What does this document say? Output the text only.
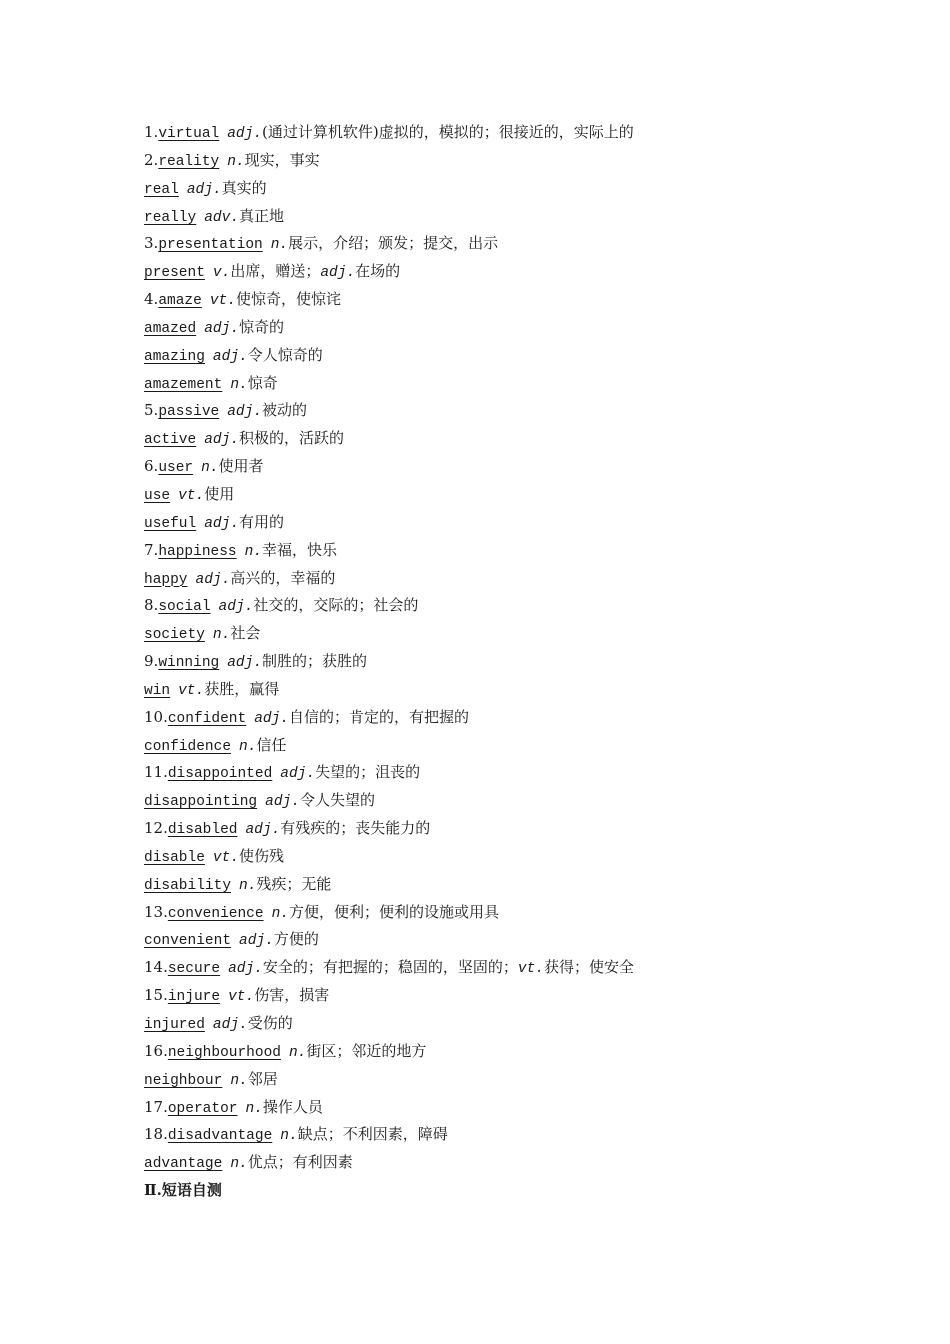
1.virtual adj.(通过计算机软件)虚拟的，模拟的；很接近的，实际上的
2.reality n.现实，事实
real adj.真实的
really adv.真正地
3.presentation n.展示，介绍；颁发；提交，出示
present v.出席，赠送；adj.在场的
4.amaze vt.使惊奇，使惊诧
amazed adj.惊奇的
amazing adj.令人惊奇的
amazement n.惊奇
5.passive adj.被动的
active adj.积极的，活跃的
6.user n.使用者
use vt.使用
useful adj.有用的
7.happiness n.幸福，快乐
happy adj.高兴的，幸福的
8.social adj.社交的，交际的；社会的
society n.社会
9.winning adj.制胜的；获胜的
win vt.获胜，赢得
10.confident adj.自信的；肯定的，有把握的
confidence n.信任
11.disappointed adj.失望的；沮丧的
disappointing adj.令人失望的
12.disabled adj.有残疾的；丧失能力的
disable vt.使伤残
disability n.残疾；无能
13.convenience n.方便，便利；便利的设施或用具
convenient adj.方便的
14.secure adj.安全的；有把握的；稳固的，坚固的；vt.获得；使安全
15.injure vt.伤害，损害
injured adj.受伤的
16.neighbourhood n.街区；邻近的地方
neighbour n.邻居
17.operator n.操作人员
18.disadvantage n.缺点；不利因素，障碍
advantage n.优点；有利因素
Ⅱ.短语自测
